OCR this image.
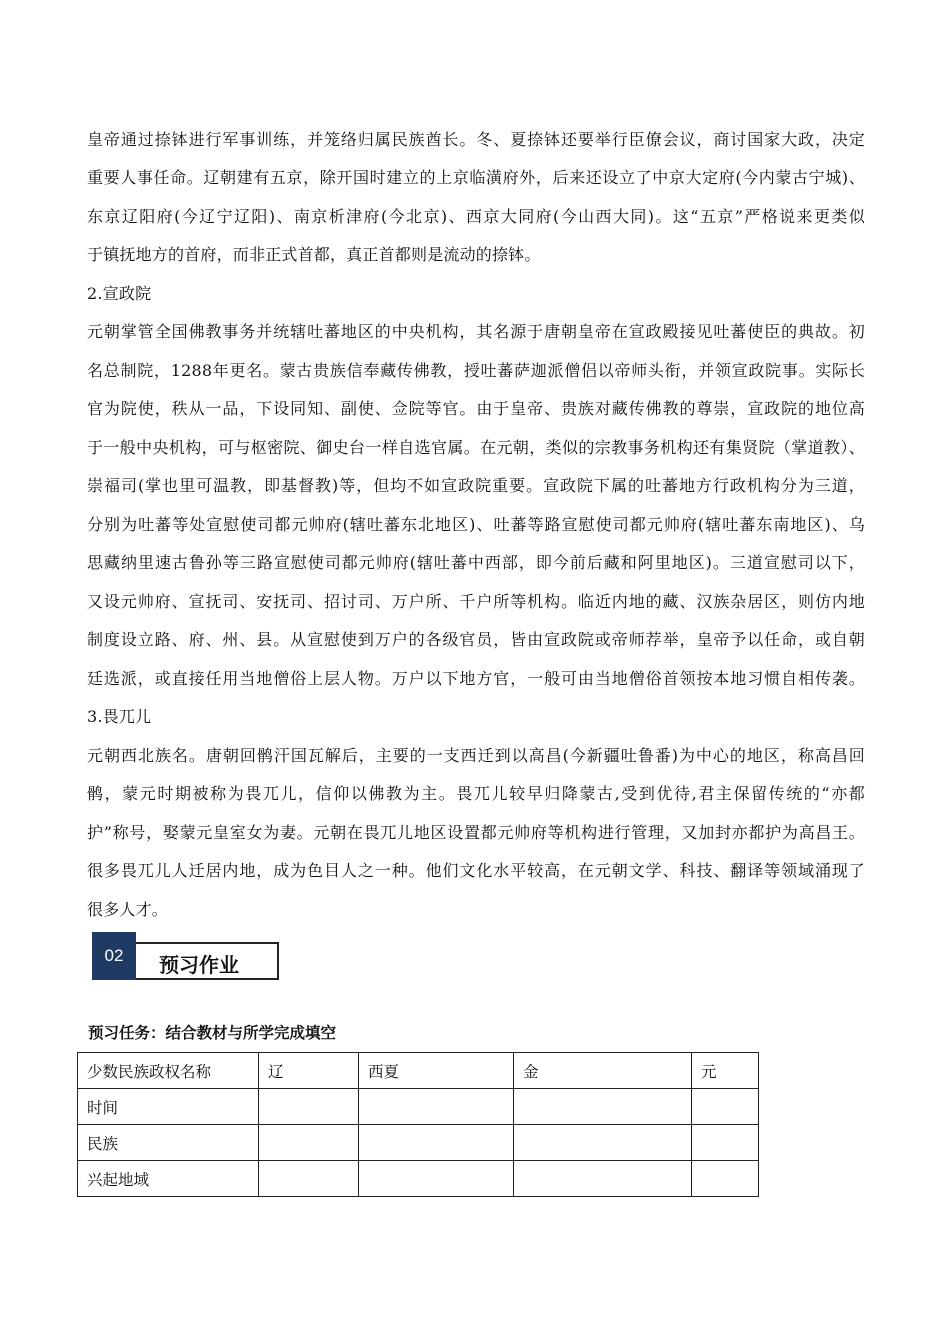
皇帝通过捺钵进行军事训练，并笼络归属民族酋长。冬、夏捺钵还要举行臣僚会议，商讨国家大政，决定
重要人事任命。辽朝建有五京，除开国时建立的上京临潢府外，后来还设立了中京大定府(今内蒙古宁城)、
东京辽阳府(今辽宁辽阳)、南京析津府(今北京)、西京大同府(今山西大同)。这“五京”严格说来更类似
于镇抚地方的首府，而非正式首都，真正首都则是流动的捺钵。
2.宣政院
元朝掌管全国佛教事务并统辖吐蕃地区的中央机构，其名源于唐朝皇帝在宣政殿接见吐蕃使臣的典故。初
名总制院，1288年更名。蒙古贵族信奉藏传佛教，授吐蕃萨迦派僧侣以帝师头衔，并领宣政院事。实际长
官为院使，秩从一品，下设同知、副使、佥院等官。由于皇帝、贵族对藏传佛教的尊崇，宣政院的地位高
于一般中央机构，可与枢密院、御史台一样自选官属。在元朝，类似的宗教事务机构还有集贤院（掌道教）、
崇福司(掌也里可温教，即基督教)等，但均不如宣政院重要。宣政院下属的吐蕃地方行政机构分为三道，
分别为吐蕃等处宣慰使司都元帅府(辖吐蕃东北地区)、吐蕃等路宣慰使司都元帅府(辖吐蕃东南地区)、乌
思藏纳里速古鲁孙等三路宣慰使司都元帅府(辖吐蕃中西部，即今前后藏和阿里地区)。三道宣慰司以下，
又设元帅府、宣抚司、安抚司、招讨司、万户所、千户所等机构。临近内地的藏、汉族杂居区，则仿内地
制度设立路、府、州、县。从宣慰使到万户的各级官员，皆由宣政院或帝师荐举，皇帝予以任命，或自朝
廷选派，或直接任用当地僧俗上层人物。万户以下地方官，一般可由当地僧俗首领按本地习惯自相传袭。
3.畏兀儿
元朝西北族名。唐朝回鹘汗国瓦解后，主要的一支西迁到以高昌(今新疆吐鲁番)为中心的地区，称高昌回
鹘，蒙元时期被称为畏兀儿，信仰以佛教为主。畏兀儿较早归降蒙古,受到优待,君主保留传统的“亦都
护”称号，娶蒙元皇室女为妻。元朝在畏兀儿地区设置都元帅府等机构进行管理，又加封亦都护为高昌王。
很多畏兀儿人迁居内地，成为色目人之一种。他们文化水平较高，在元朝文学、科技、翻译等领域涌现了
很多人才。
02	预习作业
预习任务：结合教材与所学完成填空
少数民族政权名称	辽	西夏	金	元
时间				
民族				
兴起地域				
